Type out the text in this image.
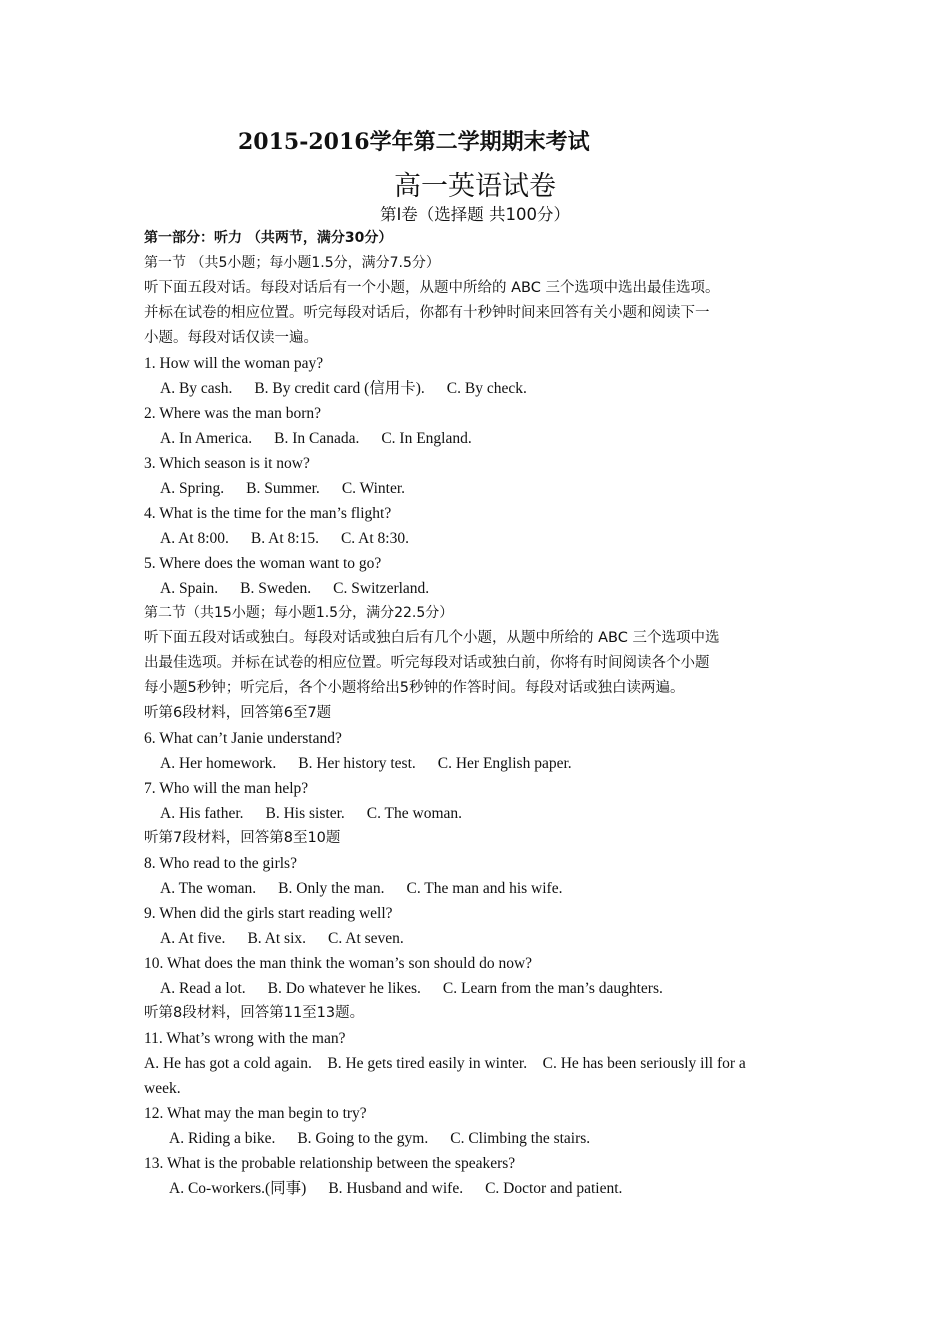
2015-2016学年第二学期期末考试
高一英语试卷
第Ⅰ卷（选择题 共100分）
第一部分：听力 （共两节，满分30分）
第一节 （共5小题；每小题1.5分，满分7.5分）
听下面五段对话。每段对话后有一个小题，从题中所给的 ABC 三个选项中选出最佳选项。
并标在试卷的相应位置。听完每段对话后，你都有十秒钟时间来回答有关小题和阅读下一
小题。每段对话仅读一遍。
1. How will the woman pay?
A. By cash. B. By credit card (信用卡). C. By check.
2. Where was the man born?
A. In America. B. In Canada. C. In England.
3. Which season is it now?
A. Spring. B. Summer. C. Winter.
4. What is the time for the man’s flight?
A. At 8:00. B. At 8:15. C. At 8:30.
5. Where does the woman want to go?
A. Spain. B. Sweden. C. Switzerland.
第二节（共15小题；每小题1.5分，满分22.5分）
听下面五段对话或独白。每段对话或独白后有几个小题，从题中所给的 ABC 三个选项中选
出最佳选项。并标在试卷的相应位置。听完每段对话或独白前，你将有时间阅读各个小题
每小题5秒钟；听完后，各个小题将给出5秒钟的作答时间。每段对话或独白读两遍。
听第6段材料，回答第6至7题
6. What can’t Janie understand?
A. Her homework. B. Her history test. C. Her English paper.
7. Who will the man help?
A. His father. B. His sister. C. The woman.
听第7段材料，回答第8至10题
8. Who read to the girls?
A. The woman. B. Only the man. C. The man and his wife.
9. When did the girls start reading well?
A. At five. B. At six. C. At seven.
10. What does the man think the woman’s son should do now?
A. Read a lot. B. Do whatever he likes. C. Learn from the man’s daughters.
听第8段材料，回答第11至13题。
11. What’s wrong with the man?
A. He has got a cold again.    B. He gets tired easily in winter.    C. He has been seriously ill for a
week.
12. What may the man begin to try?
A. Riding a bike. B. Going to the gym. C. Climbing the stairs.
13. What is the probable relationship between the speakers?
A. Co-workers.(同事) B. Husband and wife. C. Doctor and patient.
